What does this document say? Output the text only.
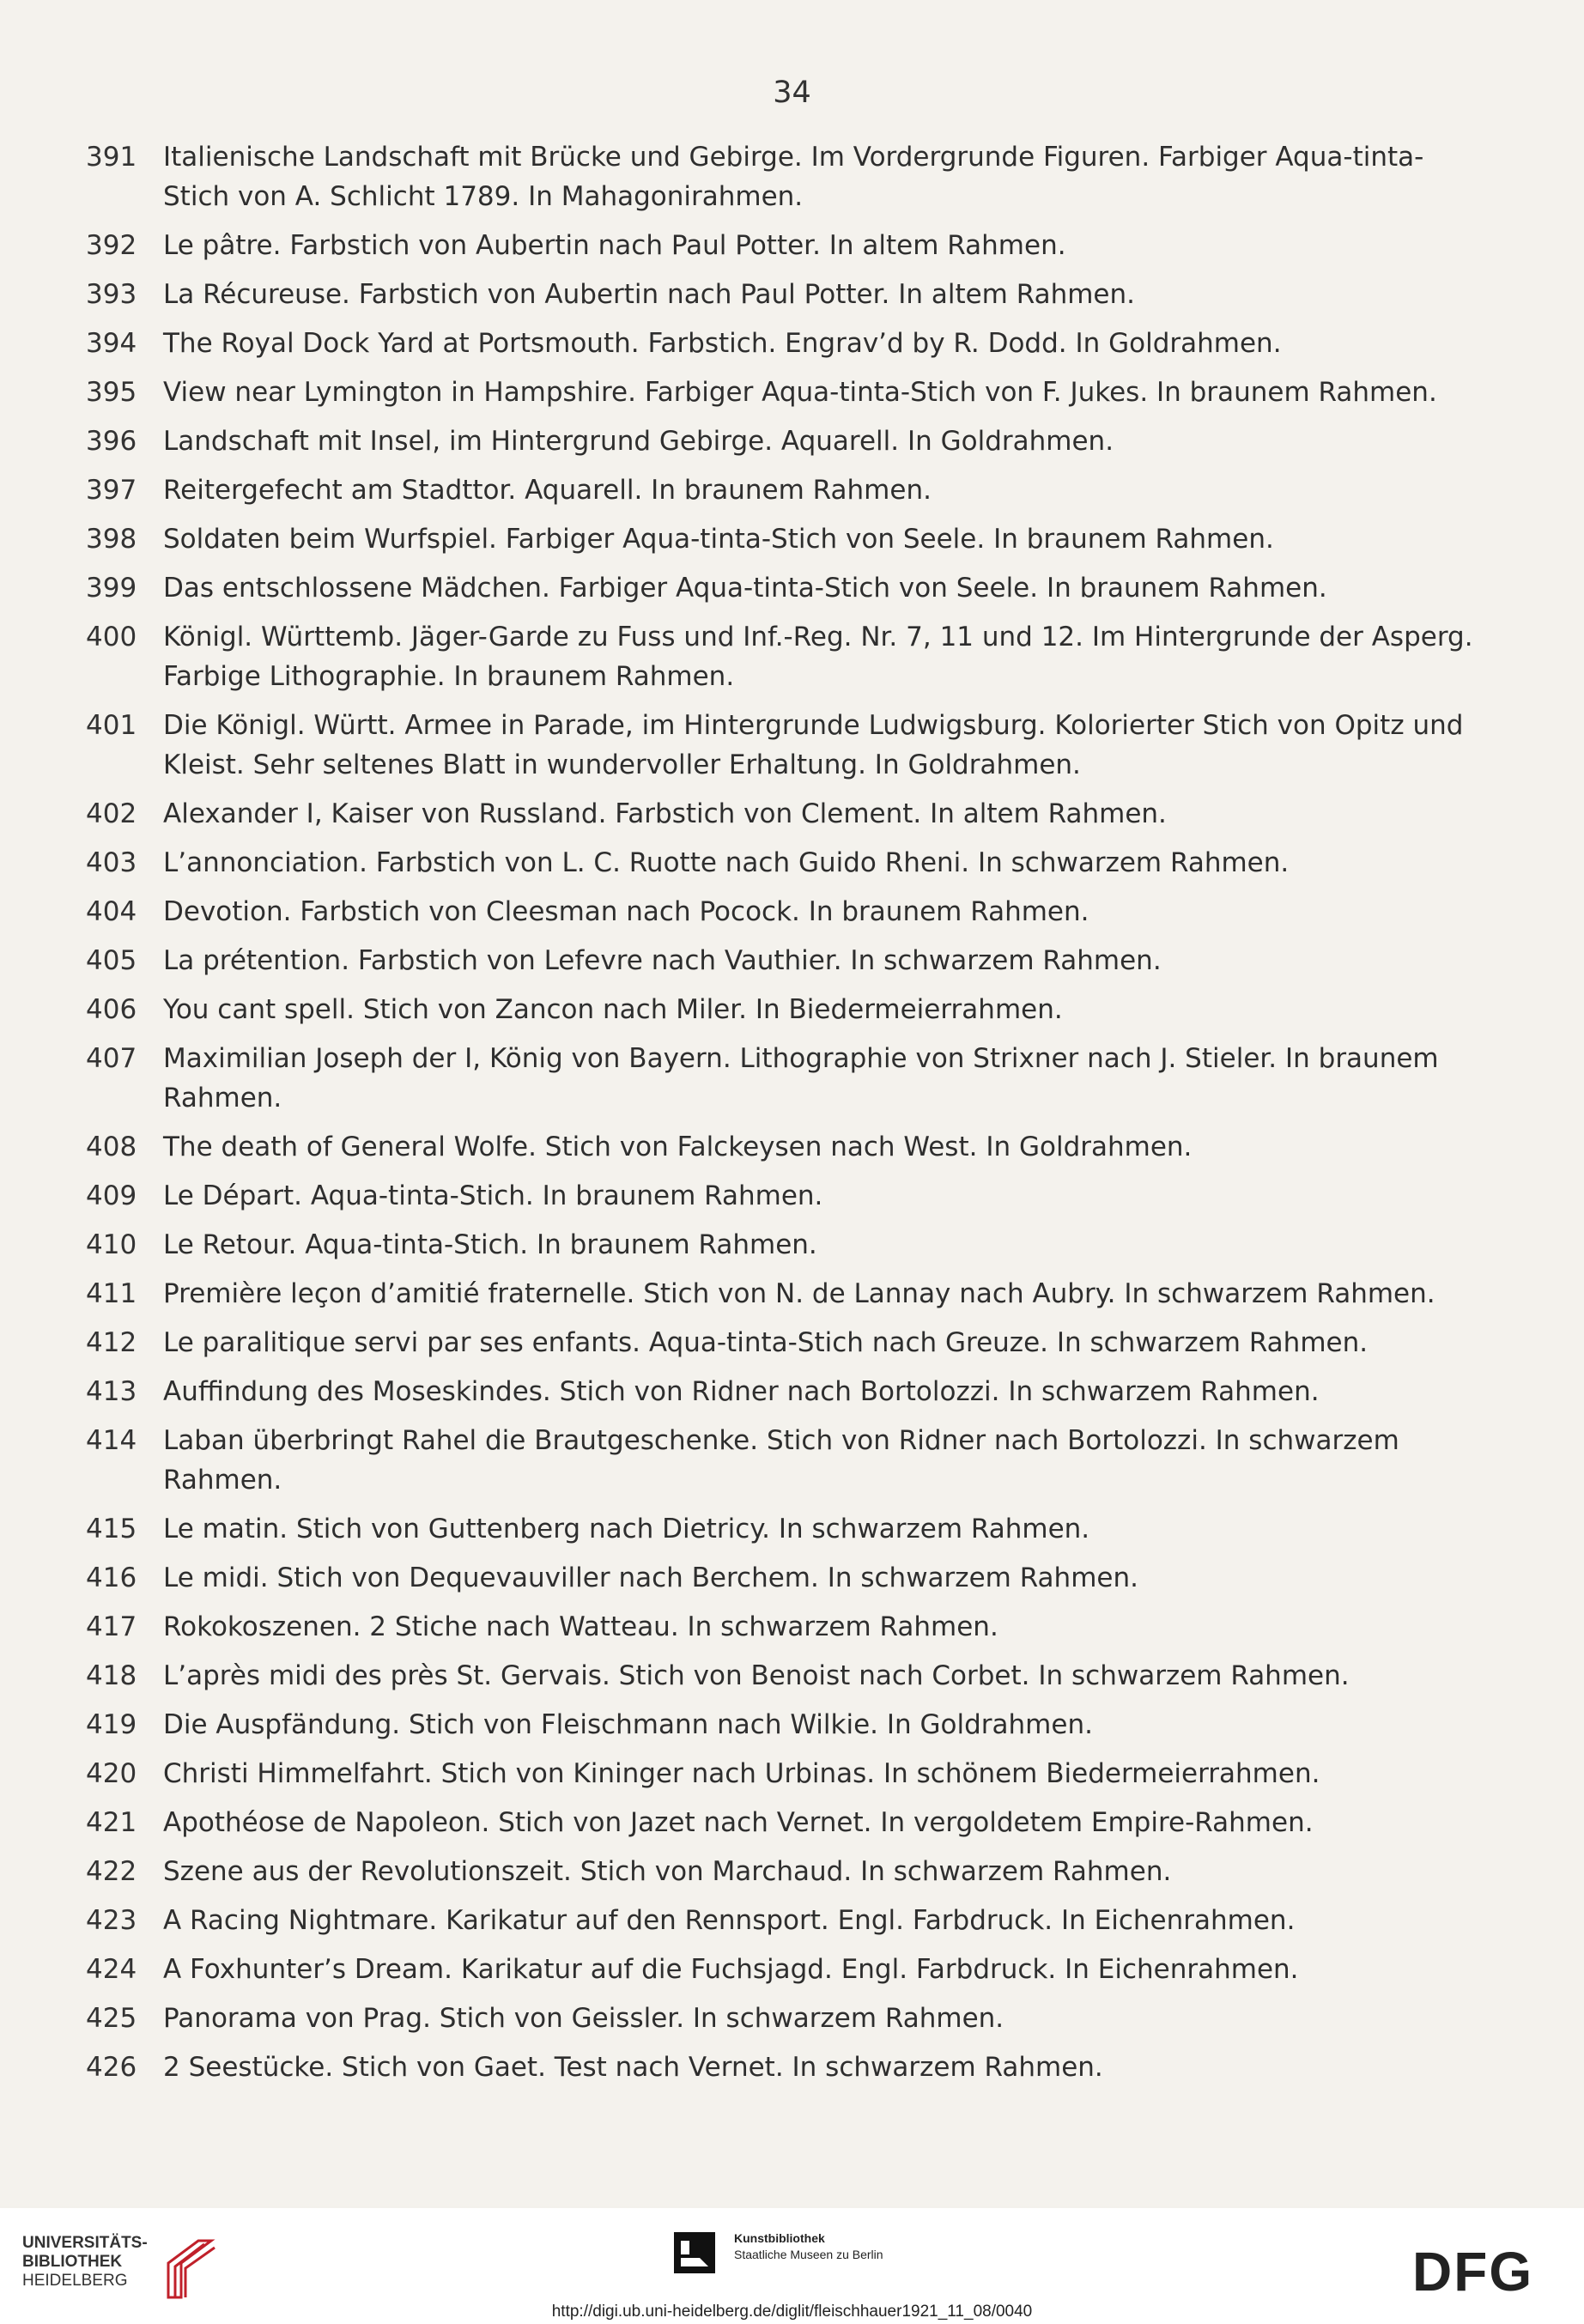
34
391 Italienische Landschaft mit Brücke und Gebirge. Im Vordergrunde Figuren. Farbiger Aqua-tinta-Stich von A. Schlicht 1789. In Mahagonirahmen.
392 Le pâtre. Farbstich von Aubertin nach Paul Potter. In altem Rahmen.
393 La Récureuse. Farbstich von Aubertin nach Paul Potter. In altem Rahmen.
394 The Royal Dock Yard at Portsmouth. Farbstich. Engrav’d by R. Dodd. In Goldrahmen.
395 View near Lymington in Hampshire. Farbiger Aqua-tinta-Stich von F. Jukes. In braunem Rahmen.
396 Landschaft mit Insel, im Hintergrund Gebirge. Aquarell. In Goldrahmen.
397 Reitergefecht am Stadttor. Aquarell. In braunem Rahmen.
398 Soldaten beim Wurfspiel. Farbiger Aqua-tinta-Stich von Seele. In braunem Rahmen.
399 Das entschlossene Mädchen. Farbiger Aqua-tinta-Stich von Seele. In braunem Rahmen.
400 Königl. Württemb. Jäger-Garde zu Fuss und Inf.-Reg. Nr. 7, 11 und 12. Im Hintergrunde der Asperg. Farbige Lithographie. In braunem Rahmen.
401 Die Königl. Württ. Armee in Parade, im Hintergrunde Ludwigsburg. Kolorierter Stich von Opitz und Kleist. Sehr seltenes Blatt in wundervoller Erhaltung. In Goldrahmen.
402 Alexander I, Kaiser von Russland. Farbstich von Clement. In altem Rahmen.
403 L’annonciation. Farbstich von L. C. Ruotte nach Guido Rheni. In schwarzem Rahmen.
404 Devotion. Farbstich von Cleesman nach Pocock. In braunem Rahmen.
405 La prétention. Farbstich von Lefevre nach Vauthier. In schwarzem Rahmen.
406 You cant spell. Stich von Zancon nach Miler. In Biedermeierrahmen.
407 Maximilian Joseph der I, König von Bayern. Lithographie von Strixner nach J. Stieler. In braunem Rahmen.
408 The death of General Wolfe. Stich von Falckeysen nach West. In Goldrahmen.
409 Le Départ. Aqua-tinta-Stich. In braunem Rahmen.
410 Le Retour. Aqua-tinta-Stich. In braunem Rahmen.
411 Première leçon d’amitié fraternelle. Stich von N. de Lannay nach Aubry. In schwarzem Rahmen.
412 Le paralitique servi par ses enfants. Aqua-tinta-Stich nach Greuze. In schwarzem Rahmen.
413 Auffindung des Moseskindes. Stich von Ridner nach Bortolozzi. In schwarzem Rahmen.
414 Laban überbringt Rahel die Brautgeschenke. Stich von Ridner nach Bortolozzi. In schwarzem Rahmen.
415 Le matin. Stich von Guttenberg nach Dietricy. In schwarzem Rahmen.
416 Le midi. Stich von Dequevauviller nach Berchem. In schwarzem Rahmen.
417 Rokokoszenen. 2 Stiche nach Watteau. In schwarzem Rahmen.
418 L’après midi des près St. Gervais. Stich von Benoist nach Corbet. In schwarzem Rahmen.
419 Die Auspfändung. Stich von Fleischmann nach Wilkie. In Goldrahmen.
420 Christi Himmelfahrt. Stich von Kininger nach Urbinas. In schönem Biedermeierrahmen.
421 Apothéose de Napoleon. Stich von Jazet nach Vernet. In vergoldetem Empire-Rahmen.
422 Szene aus der Revolutionszeit. Stich von Marchaud. In schwarzem Rahmen.
423 A Racing Nightmare. Karikatur auf den Rennsport. Engl. Farbdruck. In Eichenrahmen.
424 A Foxhunter’s Dream. Karikatur auf die Fuchsjagd. Engl. Farbdruck. In Eichenrahmen.
425 Panorama von Prag. Stich von Geissler. In schwarzem Rahmen.
426 2 Seestücke. Stich von Gaet. Test nach Vernet. In schwarzem Rahmen.
UNIVERSITÄTS-
BIBLIOTHEK
HEIDELBERG
Kunstbibliothek
Staatliche Museen zu Berlin	DFG
http://digi.ub.uni-heidelberg.de/diglit/fleischhauer1921_11_08/0040
